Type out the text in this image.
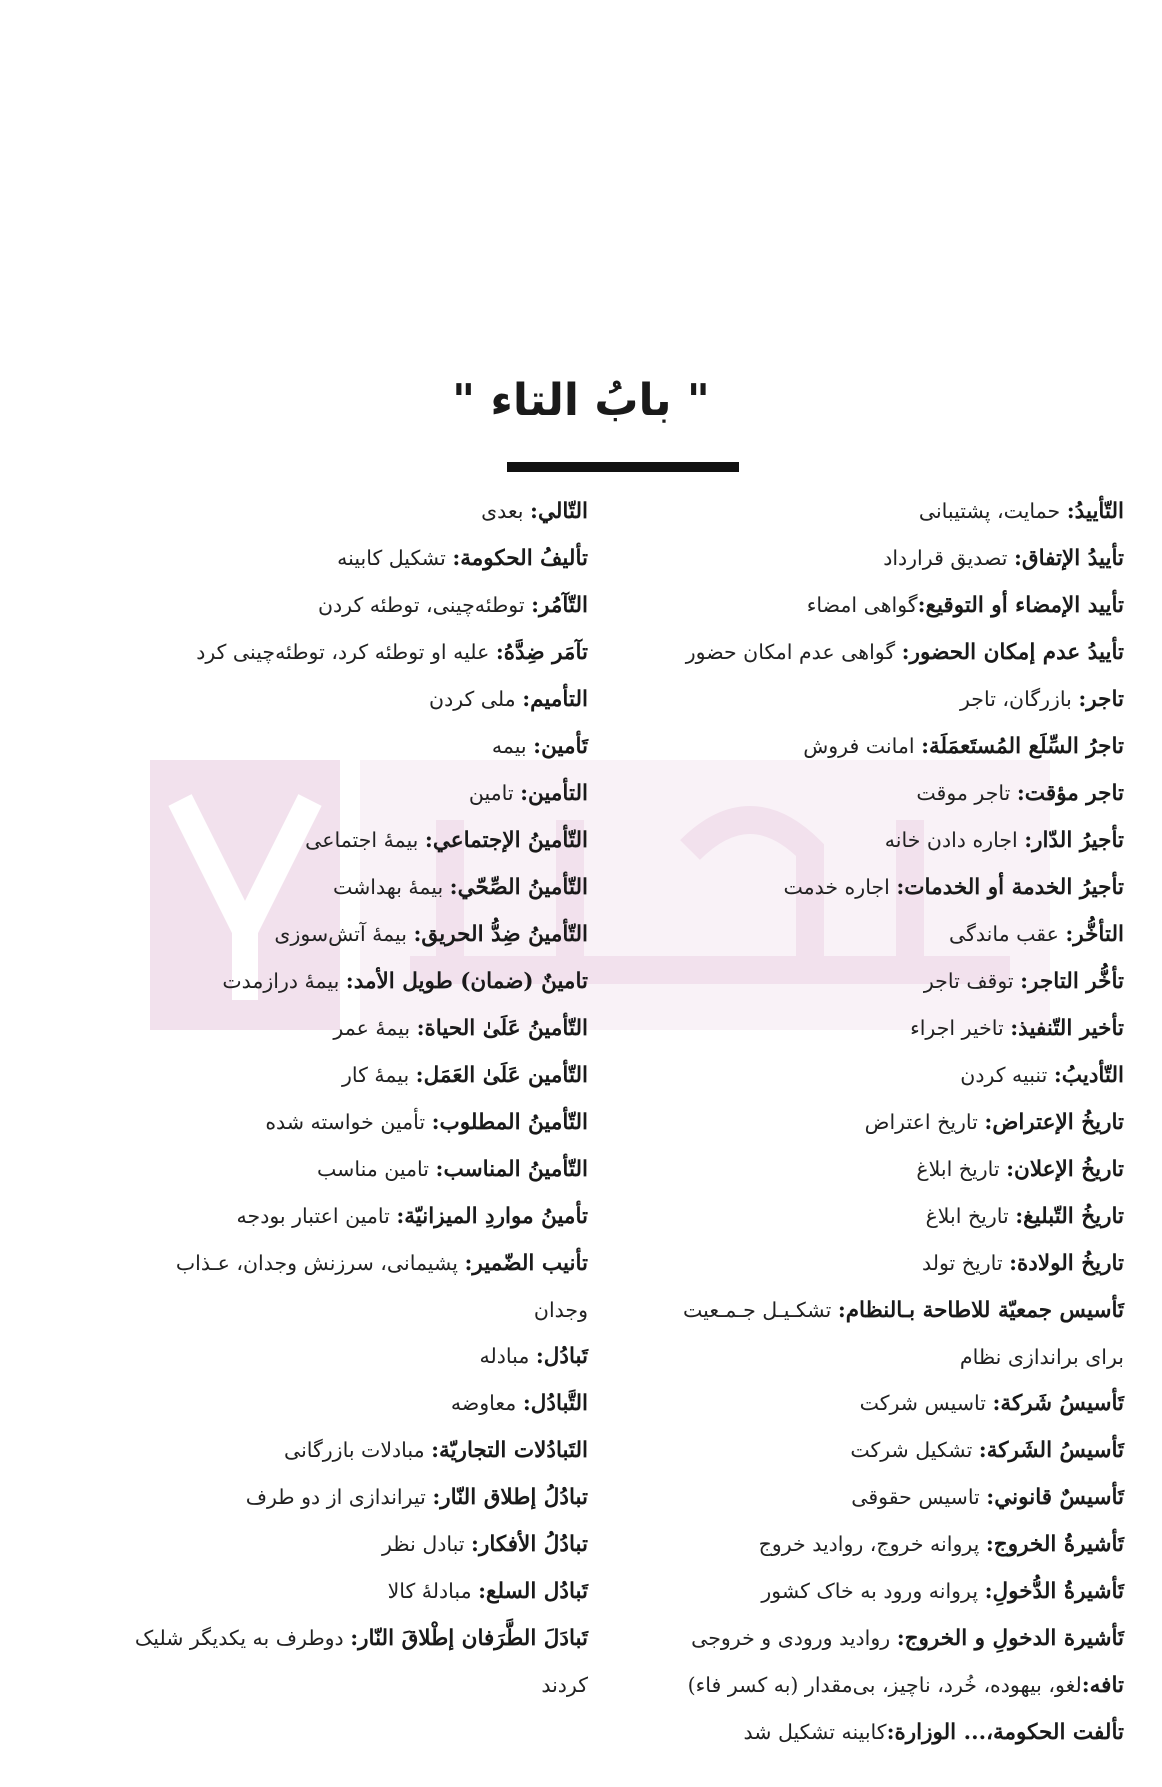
" بابُ التاء "
التّأييدُ: حمايت، پشتيبانی
تأييدُ الإتفاق: تصديق قرارداد
تأييد الإمضاء أو التوقيع:گواهی امضاء
تأييدُ عدم إمكان الحضور: گواهی عدم امكان حضور
تاجر: بازرگان، تاجر
تاجرُ السِّلَع المُستَعمَلَة: امانت فروش
تاجر مؤقت: تاجر موقت
تأجيرُ الدّار: اجاره دادن خانه
تأجيرُ الخدمة أو الخدمات: اجاره خدمت
التأخُّر: عقب ماندگی
تأخُّر التاجر: توقف تاجر
تأخير التّنفيذ: تاخير اجراء
التّأديبُ: تنبيه كردن
تاريخُ الإعتراض: تاريخ اعتراض
تاريخُ الإعلان: تاريخ ابلاغ
تاريخُ التّبليغ: تاريخ ابلاغ
تاريخُ الولادة: تاريخ تولد
تَأسيس جمعيّة للاطاحة بـالنظام: تشكـيـل جـمـعيت برای براندازی نظام
تَأسيسُ شَركة: تاسيس شركت
تَأسيسُ الشَركة: تشكيل شركت
تَأسيسٌ قانوني: تاسيس حقوقی
تَأشيرةُ الخروج: پروانه خروج، رواديد خروج
تَأشيرةُ الدُّخولِ: پروانه ورود به خاک کشور
تَأشيرة الدخولِ و الخروج: رواديد ورودی و خروجی
تافه:لغو، بيهوده، خُرد، ناچيز، بی‌مقدار (به كسر فاء)
تألفت الحكومة،... الوزارة:كابينه تشكيل شد
التّالي: بعدی
تأليفُ الحكومة: تشكيل كابينه
التّآمُر: توطئه‌چينی، توطئه كردن
تآمَر ضِدَّهُ: عليه او توطئه كرد، توطئه‌چينی كرد
التأميم: ملی كردن
تَأمين: بيمه
التأمين: تامين
التّأمينُ الإجتماعي: بيمهٔ اجتماعی
التّأمينُ الصِّحّي: بيمهٔ بهداشت
التّأمينُ ضِدُّ الحريق: بيمهٔ آتش‌سوزی
تامينٌ (ضمان) طويل الأمد: بيمهٔ درازمدت
التّأمينُ عَلَىٰ الحياة: بيمهٔ عمر
التّأمين عَلَىٰ العَمَل: بيمهٔ كار
التّأمينُ المطلوب: تأمين خواسته شده
التّأمينُ المناسب: تامين مناسب
تأمينُ مواردِ الميزانيّة: تامين اعتبار بودجه
تأنيب الضّمير: پشيمانی، سرزنش وجدان، عـذاب وجدان
تَبادُل: مبادله
التَّبادُل: معاوضه
التَبادُلات التجاريّة: مبادلات بازرگانی
تبادُلُ إطلاق النّار: تيراندازی از دو طرف
تبادُلُ الأفكار: تبادل نظر
تَبادُل السلع: مبادلهٔ كالا
تَبادَلَ الطَّرَفان إطْلاقَ النّار: دوطرف به يكديگر شليک كردند
